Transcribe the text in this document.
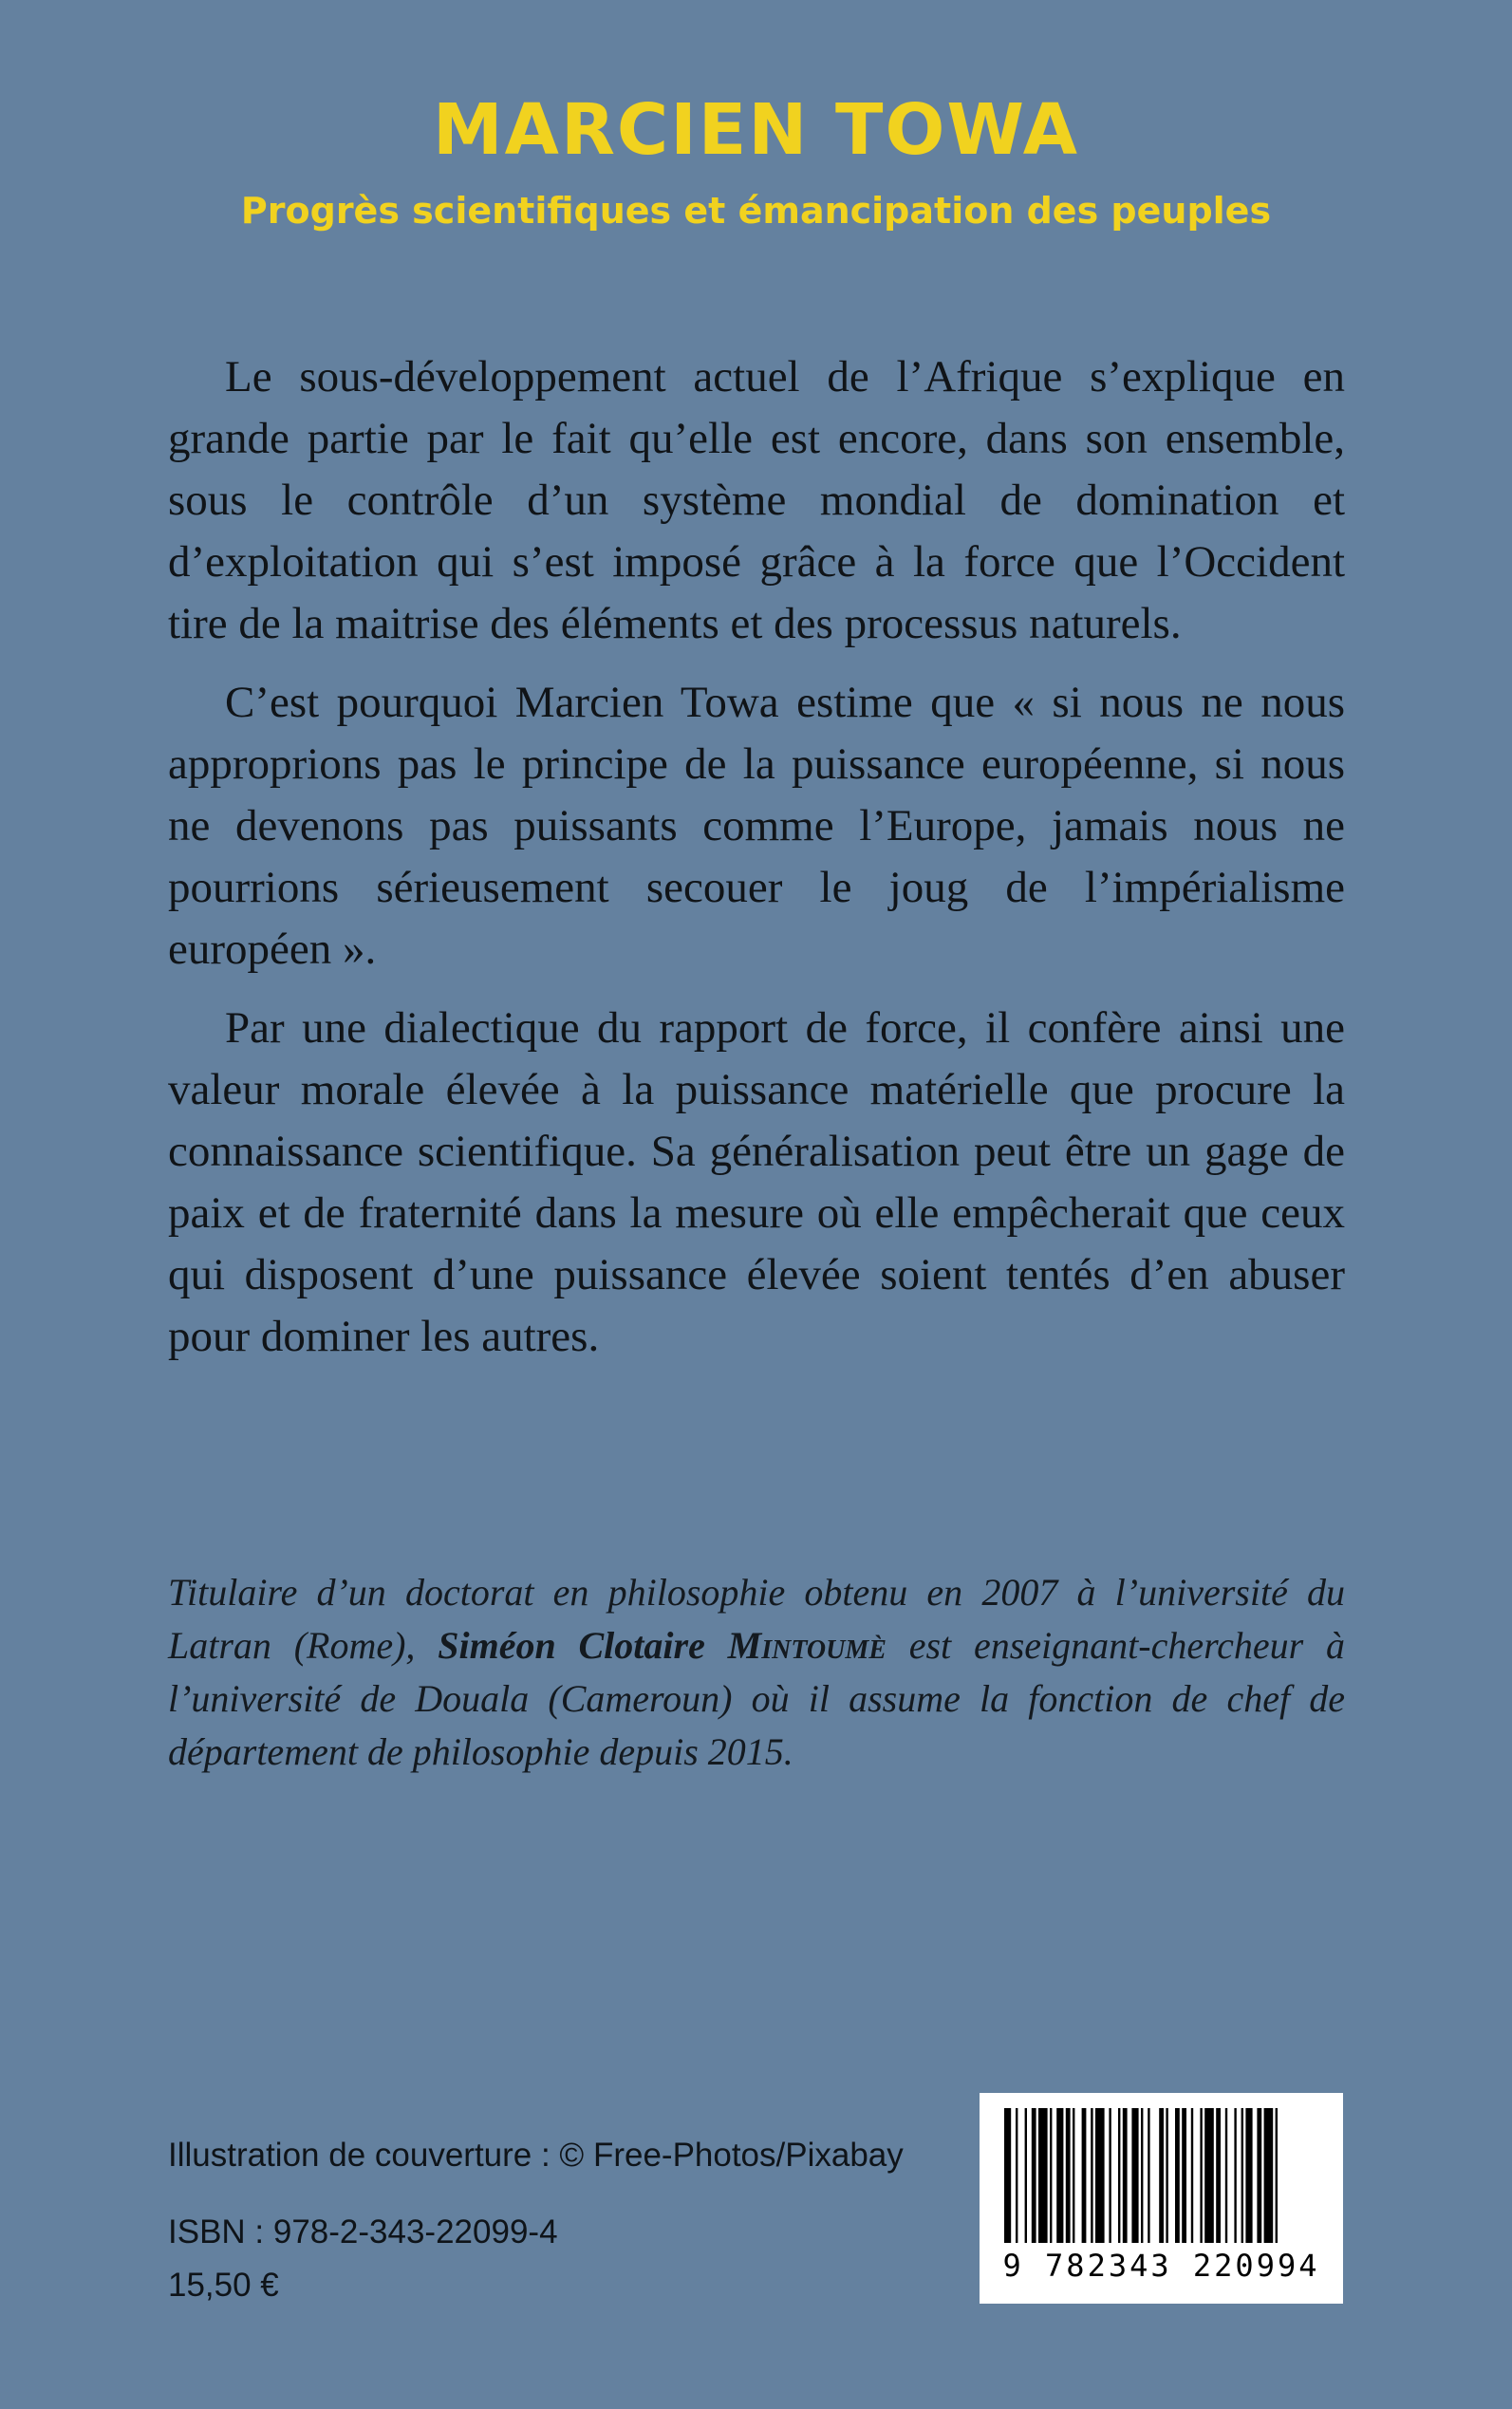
MARCIEN TOWA
Progrès scientifiques et émancipation des peuples

Le sous-développement actuel de l’Afrique s’explique en grande partie par le fait qu’elle est encore, dans son ensemble, sous le contrôle d’un système mondial de domination et d’exploitation qui s’est imposé grâce à la force que l’Occident tire de la maitrise des éléments et des processus naturels.

C’est pourquoi Marcien Towa estime que « si nous ne nous approprions pas le principe de la puissance européenne, si nous ne devenons pas puissants comme l’Europe, jamais nous ne pourrions sérieusement secouer le joug de l’impérialisme européen ».

Par une dialectique du rapport de force, il confère ainsi une valeur morale élevée à la puissance matérielle que procure la connaissance scientifique. Sa généralisation peut être un gage de paix et de fraternité dans la mesure où elle empêcherait que ceux qui disposent d’une puissance élevée soient tentés d’en abuser pour dominer les autres.

Titulaire d’un doctorat en philosophie obtenu en 2007 à l’université du Latran (Rome), Siméon Clotaire Mintoumè est enseignant-chercheur à l’université de Douala (Cameroun) où il assume la fonction de chef de département de philosophie depuis 2015.
Illustration de couverture : © Free-Photos/Pixabay
ISBN : 978-2-343-22099-4
15,50 €
9 782343 220994
